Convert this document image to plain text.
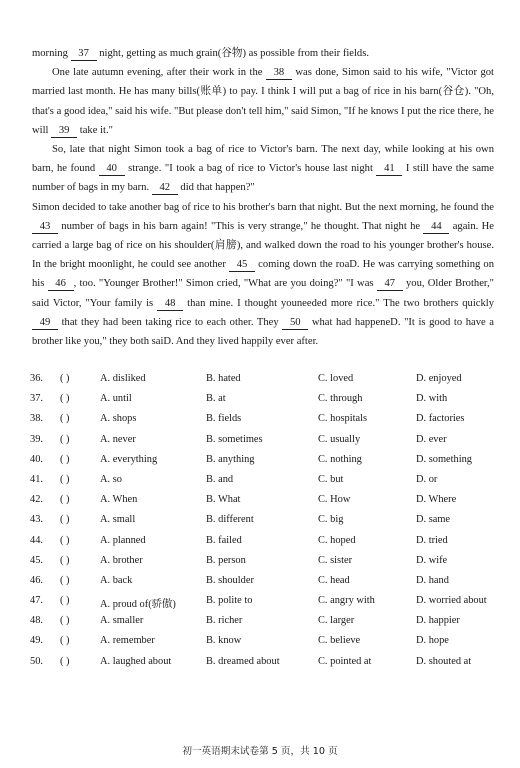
morning 37 night, getting as much grain(谷物) as possible from their fields.

One late autumn evening, after their work in the 38 was done, Simon said to his wife, "Victor got married last month. He has many bills(账单) to pay. I think I will put a bag of rice in his barn(谷仓). "Oh, that's a good idea," said his wife. "But please don't tell him," said Simon, "If he knows I put the rice there, he will 39 take it."

So, late that night Simon took a bag of rice to Victor's barn. The next day, while looking at his own barn, he found 40 strange. "I took a bag of rice to Victor's house last night 41 I still have the same number of bags in my barn. 42 did that happen?"

Simon decided to take another bag of rice to his brother's barn that night. But the next morning, he found the 43 number of bags in his barn again! "This is very strange," he thought. That night he 44 again. He carried a large bag of rice on his shoulder(肩膀), and walked down the road to his younger brother's house. In the bright moonlight, he could see another 45 coming down the roaD. He was carrying something on his 46 , too. "Younger Brother!" Simon cried, "What are you doing?" "I was 47 you, Older Brother," said Victor, "Your family is 48 than mine. I thought youneeded more rice." The two brothers quickly 49 that they had been taking rice to each other. They 50 what had happeneD. "It is good to have a brother like you," they both saiD. And they lived happily ever after.

36. ( )	A. disliked	B. hated	C. loved	D. enjoyed
37. ( )	A. until	B. at	C. through	D. with
38. ( )	A. shops	B. fields	C. hospitals	D. factories
39. ( )	A. never	B. sometimes	C. usually	D. ever
40. ( )	A. everything	B. anything	C. nothing	D. something
41. ( )	A. so	B. and	C. but	D. or
42. ( )	A. When	B. What	C. How	D. Where
43. ( )	A. small	B. different	C. big	D. same
44. ( )	A. planned	B. failed	C. hoped	D. tried
45. ( )	A. brother	B. person	C. sister	D. wife
46. ( )	A. back	B. shoulder	C. head	D. hand
47. ( )	A. proud of(骄傲)	B. polite to	C. angry with	D. worried about
48. ( )	A. smaller	B. richer	C. larger	D. happier
49. ( )	A. remember	B. know	C. believe	D. hope
50. ( )	A. laughed about	B. dreamed about	C. pointed at	D. shouted at
初一英语期末试卷第 5 页，共 10 页
